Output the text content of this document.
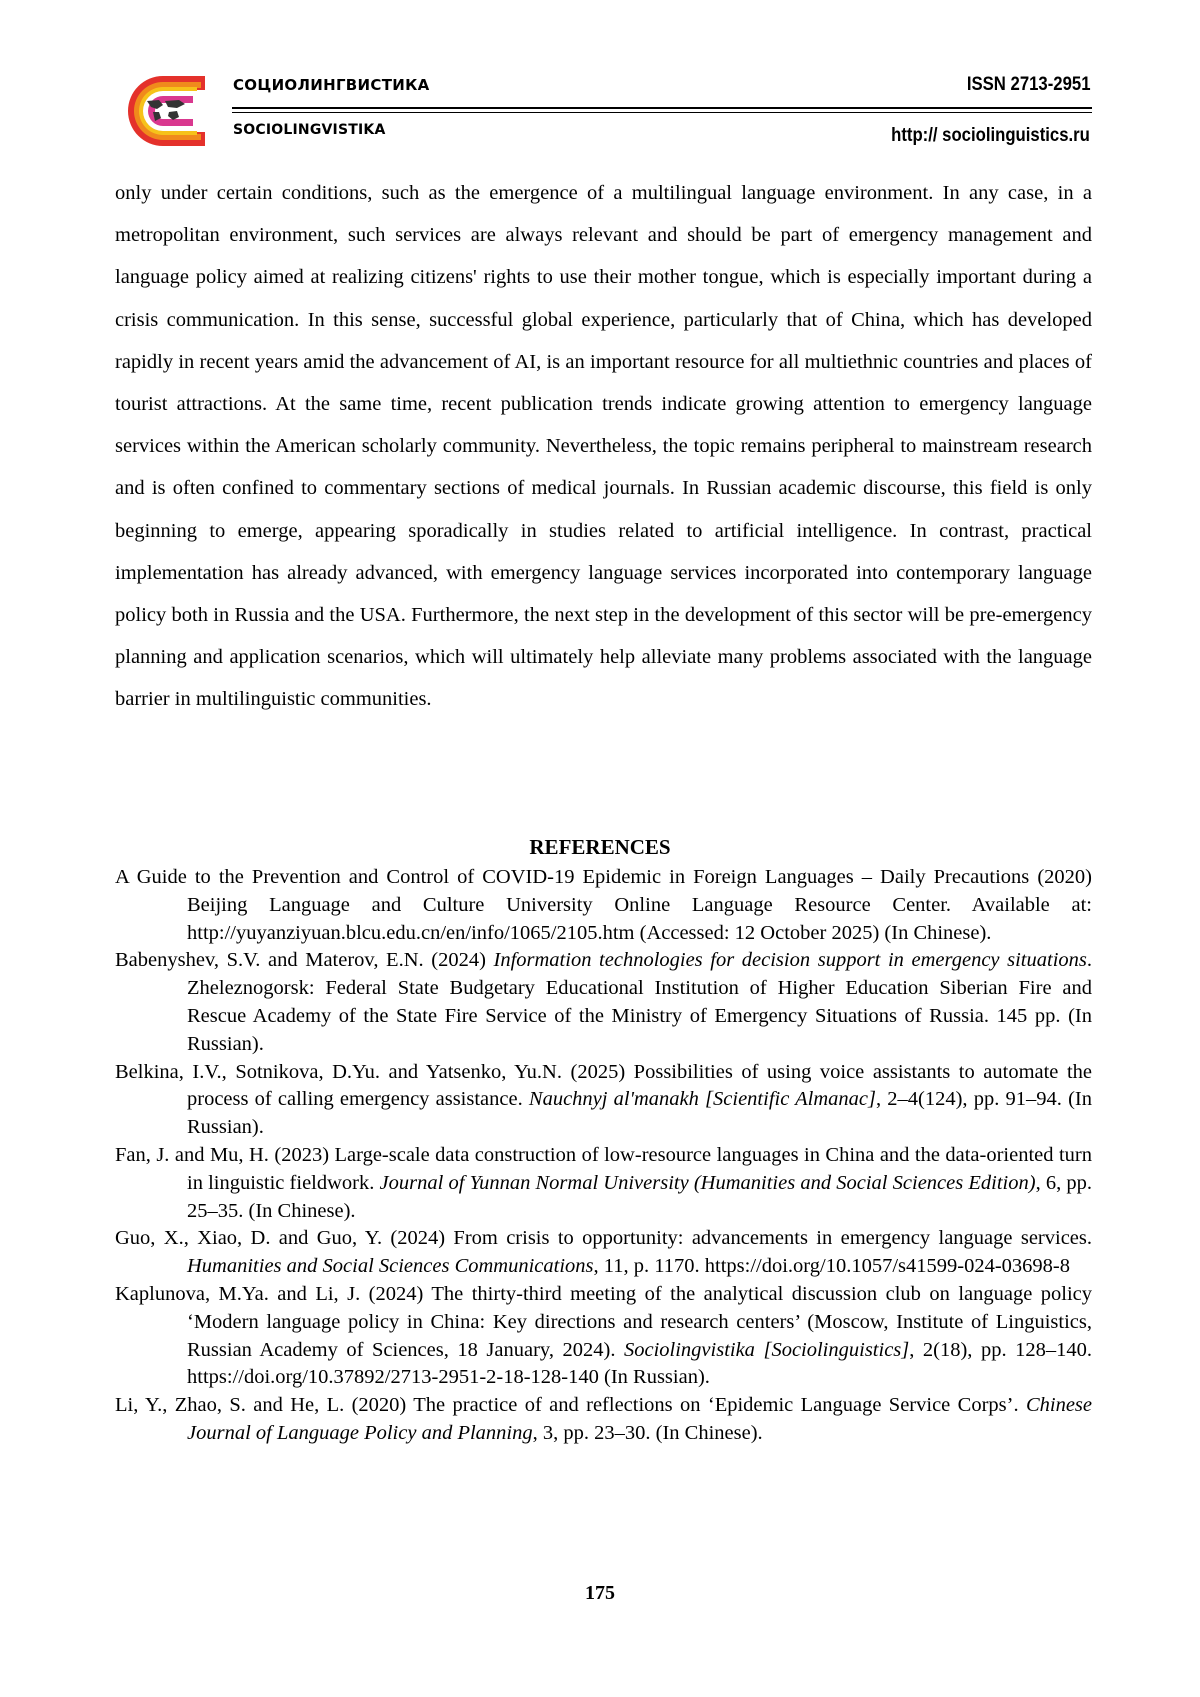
СОЦИОЛИНГВИСТИКА
SOCIOLINGVISTIKA
ISSN 2713-2951
http:// sociolinguistics.ru

only under certain conditions, such as the emergence of a multilingual language environment. In any case, in a metropolitan environment, such services are always relevant and should be part of emergency management and language policy aimed at realizing citizens' rights to use their mother tongue, which is especially important during a crisis communication. In this sense, successful global experience, particularly that of China, which has developed rapidly in recent years amid the advancement of AI, is an important resource for all multiethnic countries and places of tourist attractions. At the same time, recent publication trends indicate growing attention to emergency language services within the American scholarly community. Nevertheless, the topic remains peripheral to mainstream research and is often confined to commentary sections of medical journals. In Russian academic discourse, this field is only beginning to emerge, appearing sporadically in studies related to artificial intelligence. In contrast, practical implementation has already advanced, with emergency language services incorporated into contemporary language policy both in Russia and the USA. Furthermore, the next step in the development of this sector will be pre-emergency planning and application scenarios, which will ultimately help alleviate many problems associated with the language barrier in multilinguistic communities.

REFERENCES
A Guide to the Prevention and Control of COVID-19 Epidemic in Foreign Languages – Daily Precautions (2020) Beijing Language and Culture University Online Language Resource Center. Available at: http://yuyanziyuan.blcu.edu.cn/en/info/1065/2105.htm (Accessed: 12 October 2025) (In Chinese).
Babenyshev, S.V. and Materov, E.N. (2024) Information technologies for decision support in emergency situations. Zheleznogorsk: Federal State Budgetary Educational Institution of Higher Education Siberian Fire and Rescue Academy of the State Fire Service of the Ministry of Emergency Situations of Russia. 145 pp. (In Russian).
Belkina, I.V., Sotnikova, D.Yu. and Yatsenko, Yu.N. (2025) Possibilities of using voice assistants to automate the process of calling emergency assistance. Nauchnyj al'manakh [Scientific Almanac], 2–4(124), pp. 91–94. (In Russian).
Fan, J. and Mu, H. (2023) Large-scale data construction of low-resource languages in China and the data-oriented turn in linguistic fieldwork. Journal of Yunnan Normal University (Humanities and Social Sciences Edition), 6, pp. 25–35. (In Chinese).
Guo, X., Xiao, D. and Guo, Y. (2024) From crisis to opportunity: advancements in emergency language services. Humanities and Social Sciences Communications, 11, p. 1170. https://doi.org/10.1057/s41599-024-03698-8
Kaplunova, M.Ya. and Li, J. (2024) The thirty-third meeting of the analytical discussion club on language policy ‘Modern language policy in China: Key directions and research centers’ (Moscow, Institute of Linguistics, Russian Academy of Sciences, 18 January, 2024). Sociolingvistika [Sociolinguistics], 2(18), pp. 128–140. https://doi.org/10.37892/2713-2951-2-18-128-140 (In Russian).
Li, Y., Zhao, S. and He, L. (2020) The practice of and reflections on ‘Epidemic Language Service Corps’. Chinese Journal of Language Policy and Planning, 3, pp. 23–30. (In Chinese).

175
